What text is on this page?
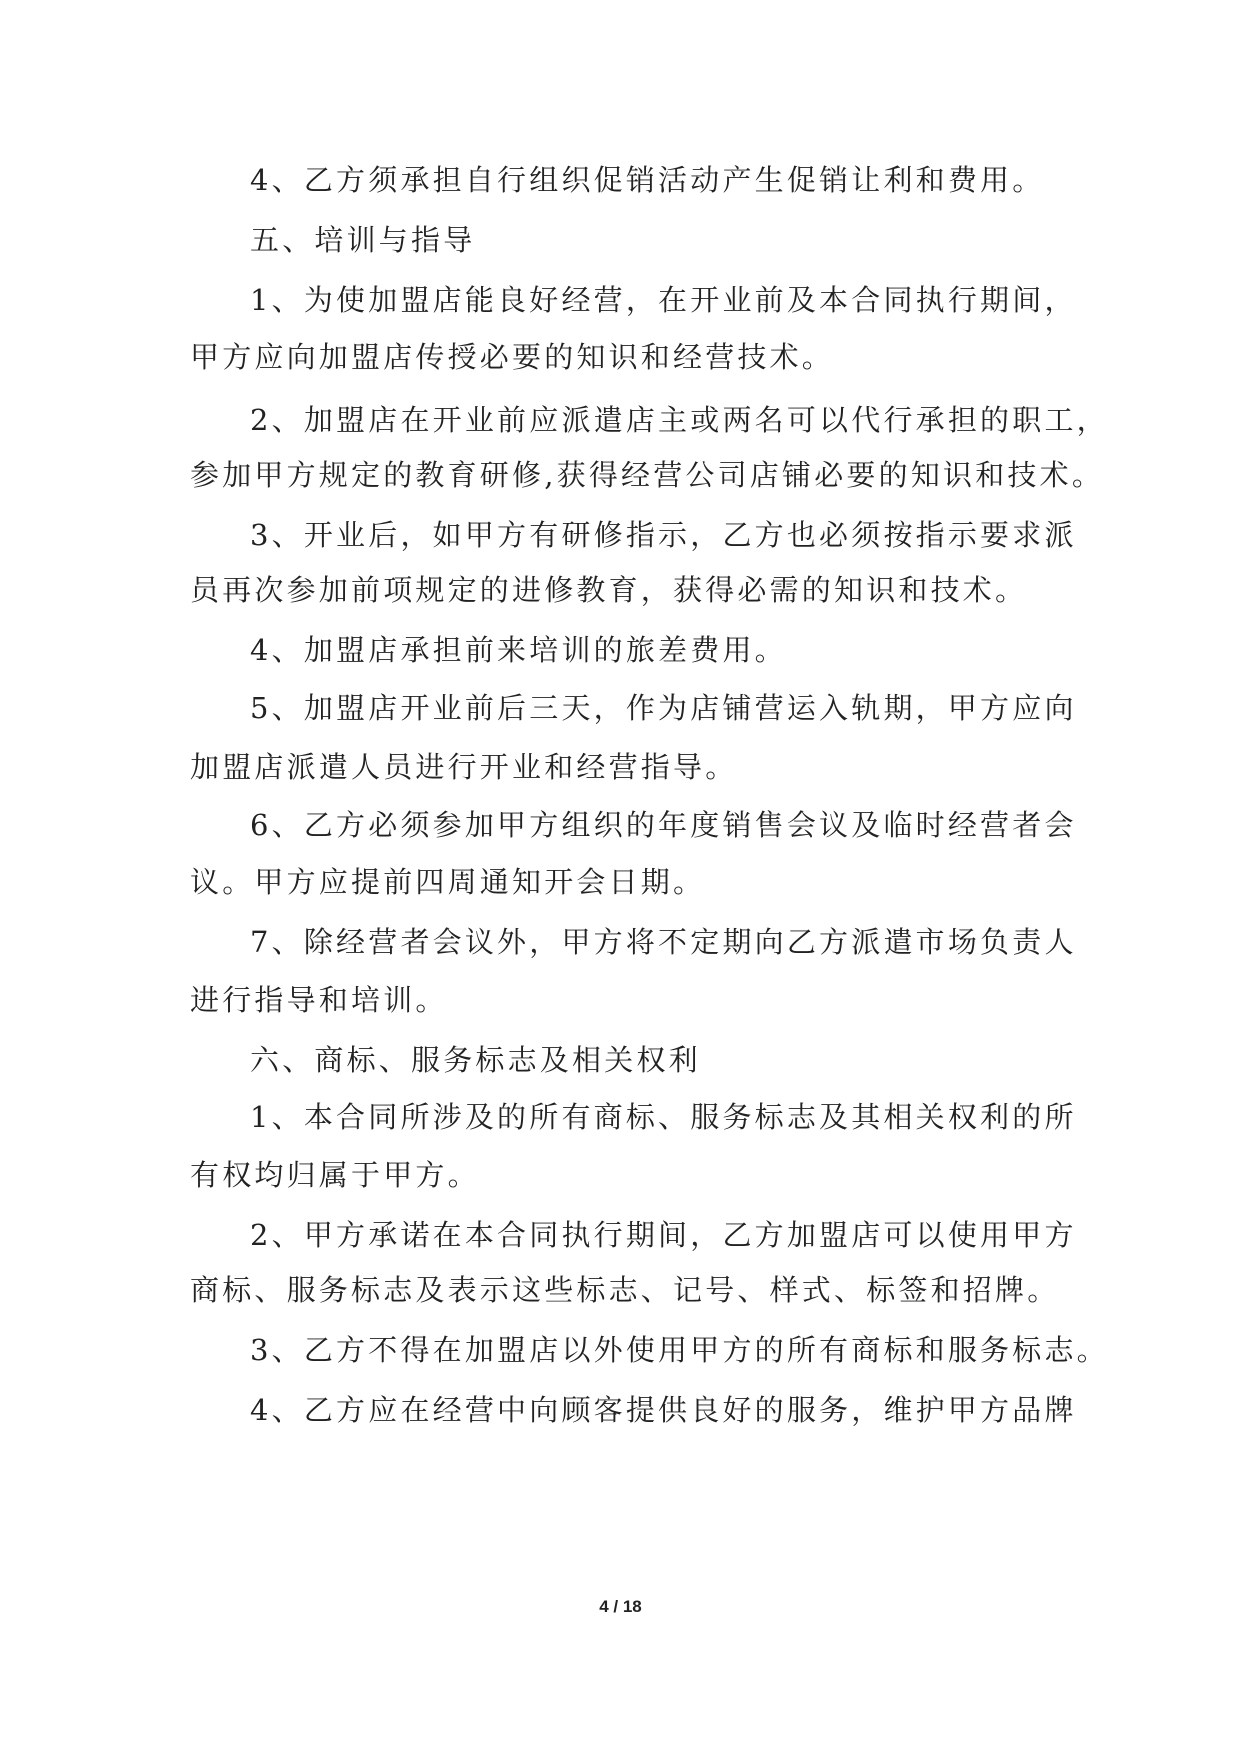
4、乙方须承担自行组织促销活动产生促销让利和费用。
五、培训与指导
1、为使加盟店能良好经营，在开业前及本合同执行期间，
甲方应向加盟店传授必要的知识和经营技术。
2、加盟店在开业前应派遣店主或两名可以代行承担的职工，
参加甲方规定的教育研修,获得经营公司店铺必要的知识和技术。
3、开业后，如甲方有研修指示，乙方也必须按指示要求派
员再次参加前项规定的进修教育，获得必需的知识和技术。
4、加盟店承担前来培训的旅差费用。
5、加盟店开业前后三天，作为店铺营运入轨期，甲方应向
加盟店派遣人员进行开业和经营指导。
6、乙方必须参加甲方组织的年度销售会议及临时经营者会
议。甲方应提前四周通知开会日期。
7、除经营者会议外，甲方将不定期向乙方派遣市场负责人
进行指导和培训。
六、商标、服务标志及相关权利
1、本合同所涉及的所有商标、服务标志及其相关权利的所
有权均归属于甲方。
2、甲方承诺在本合同执行期间，乙方加盟店可以使用甲方
商标、服务标志及表示这些标志、记号、样式、标签和招牌。
3、乙方不得在加盟店以外使用甲方的所有商标和服务标志。
4、乙方应在经营中向顾客提供良好的服务，维护甲方品牌
4 / 18
